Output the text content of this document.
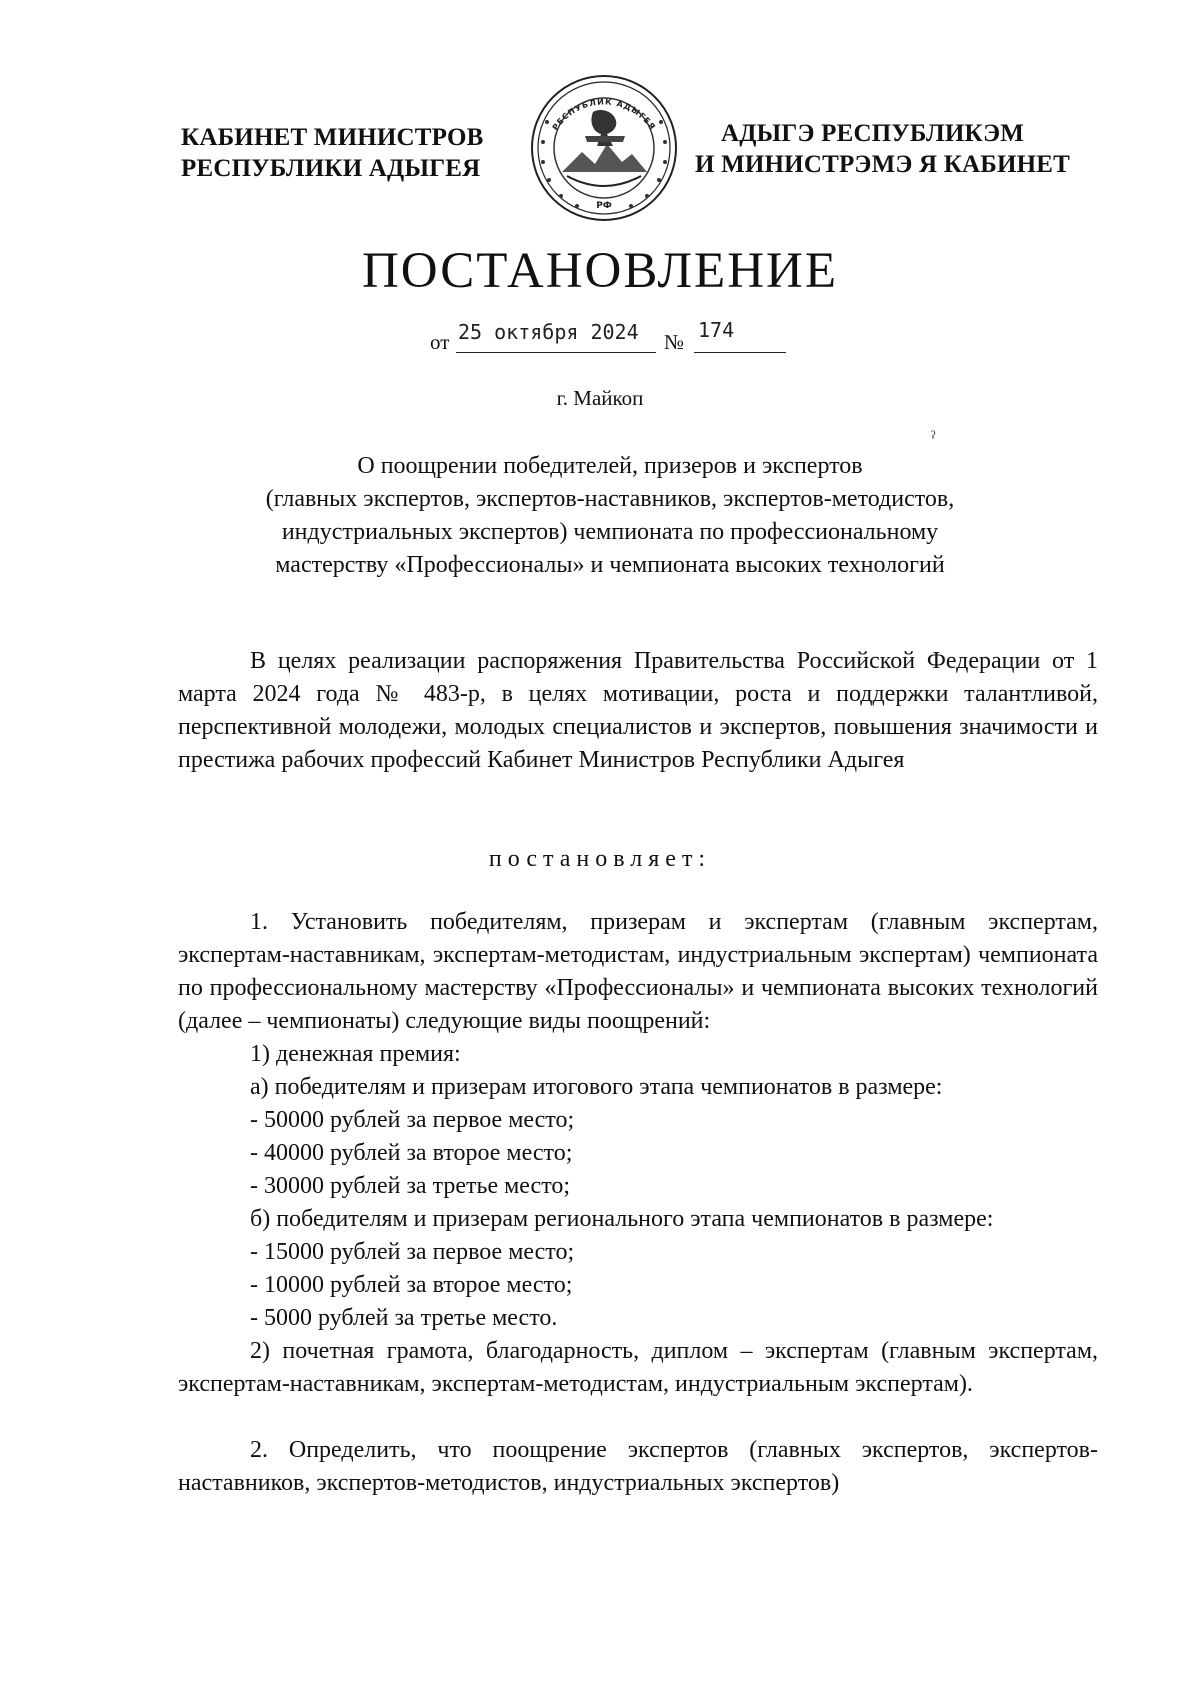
КАБИНЕТ МИНИСТРОВ
РЕСПУБЛИКИ АДЫГЕЯ
РЕСПУБЛИК АДЫГЕЯ
РФ
АДЫГЭ РЕСПУБЛИКЭМ
И МИНИСТРЭМЭ Я КАБИНЕТ
ПОСТАНОВЛЕНИЕ
от 25 октября 2024 № 174
г. Майкоп
ˀ
О поощрении победителей, призеров и экспертов
(главных экспертов, экспертов-наставников, экспертов-методистов,
индустриальных экспертов) чемпионата по профессиональному
мастерству «Профессионалы» и чемпионата высоких технологий

В целях реализации распоряжения Правительства Российской Федерации от 1 марта 2024 года № 483-р, в целях мотивации, роста и поддержки талантливой, перспективной молодежи, молодых специалистов и экспертов, повышения значимости и престижа рабочих профессий Кабинет Министров Республики Адыгея

постановляет:

1. Установить победителям, призерам и экспертам (главным экспертам, экспертам-наставникам, экспертам-методистам, индустриальным экспертам) чемпионата по профессиональному мастерству «Профессионалы» и чемпионата высоких технологий (далее – чемпионаты) следующие виды поощрений:

1) денежная премия:

а) победителям и призерам итогового этапа чемпионатов в размере:

- 50000 рублей за первое место;

- 40000 рублей за второе место;

- 30000 рублей за третье место;

б) победителям и призерам регионального этапа чемпионатов в размере:

- 15000 рублей за первое место;

- 10000 рублей за второе место;

- 5000 рублей за третье место.

2) почетная грамота, благодарность, диплом – экспертам (главным экспертам, экспертам-наставникам, экспертам-методистам, индустриальным экспертам).

2. Определить, что поощрение экспертов (главных экспертов, экспертов-наставников, экспертов-методистов, индустриальных экспертов)
